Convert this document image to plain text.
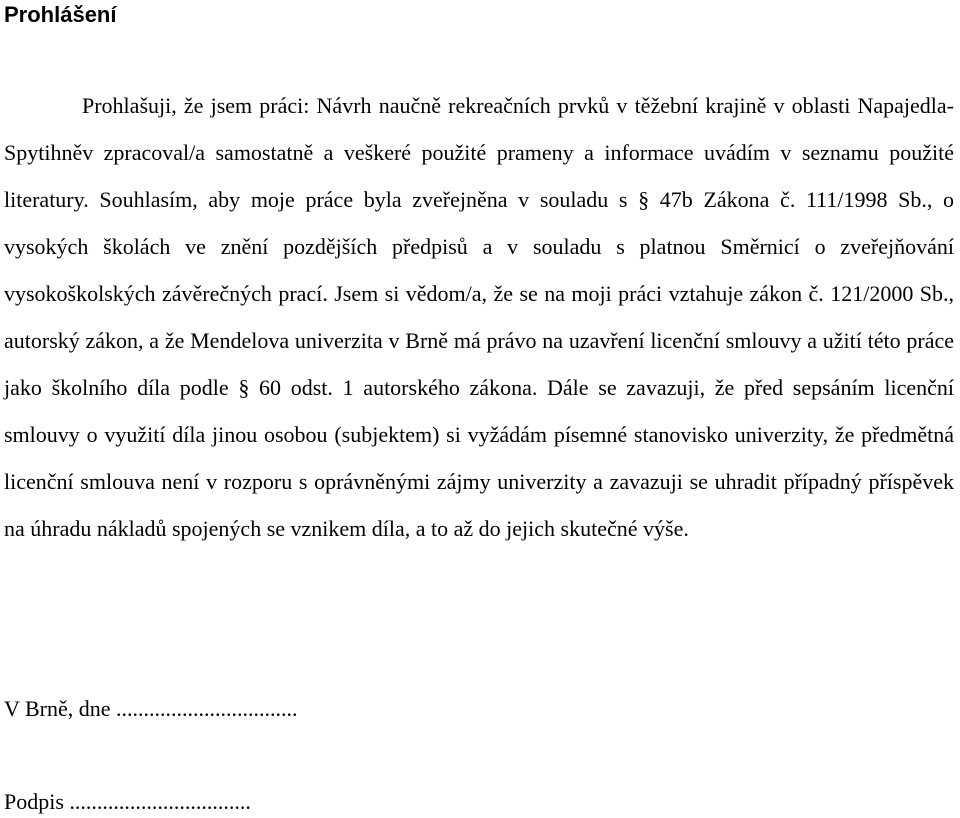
Prohlášení

Prohlašuji, že jsem práci: Návrh naučně rekreačních prvků v těžební krajině v oblasti Napajedla-Spytihněv zpracoval/a samostatně a veškeré použité prameny a informace uvádím v seznamu použité literatury. Souhlasím, aby moje práce byla zveřejněna v souladu s § 47b Zákona č. 111/1998 Sb., o vysokých školách ve znění pozdějších předpisů a v souladu s platnou Směrnicí o zveřejňování vysokoškolských závěrečných prací. Jsem si vědom/a, že se na moji práci vztahuje zákon č. 121/2000 Sb., autorský zákon, a že Mendelova univerzita v Brně má právo na uzavření licenční smlouvy a užití této práce jako školního díla podle § 60 odst. 1 autorského zákona. Dále se zavazuji, že před sepsáním licenční smlouvy o využití díla jinou osobou (subjektem) si vyžádám písemné stanovisko univerzity, že předmětná licenční smlouva není v rozporu s oprávněnými zájmy univerzity a zavazuji se uhradit případný příspěvek na úhradu nákladů spojených se vznikem díla, a to až do jejich skutečné výše.

V Brně, dne .................................

Podpis .................................
